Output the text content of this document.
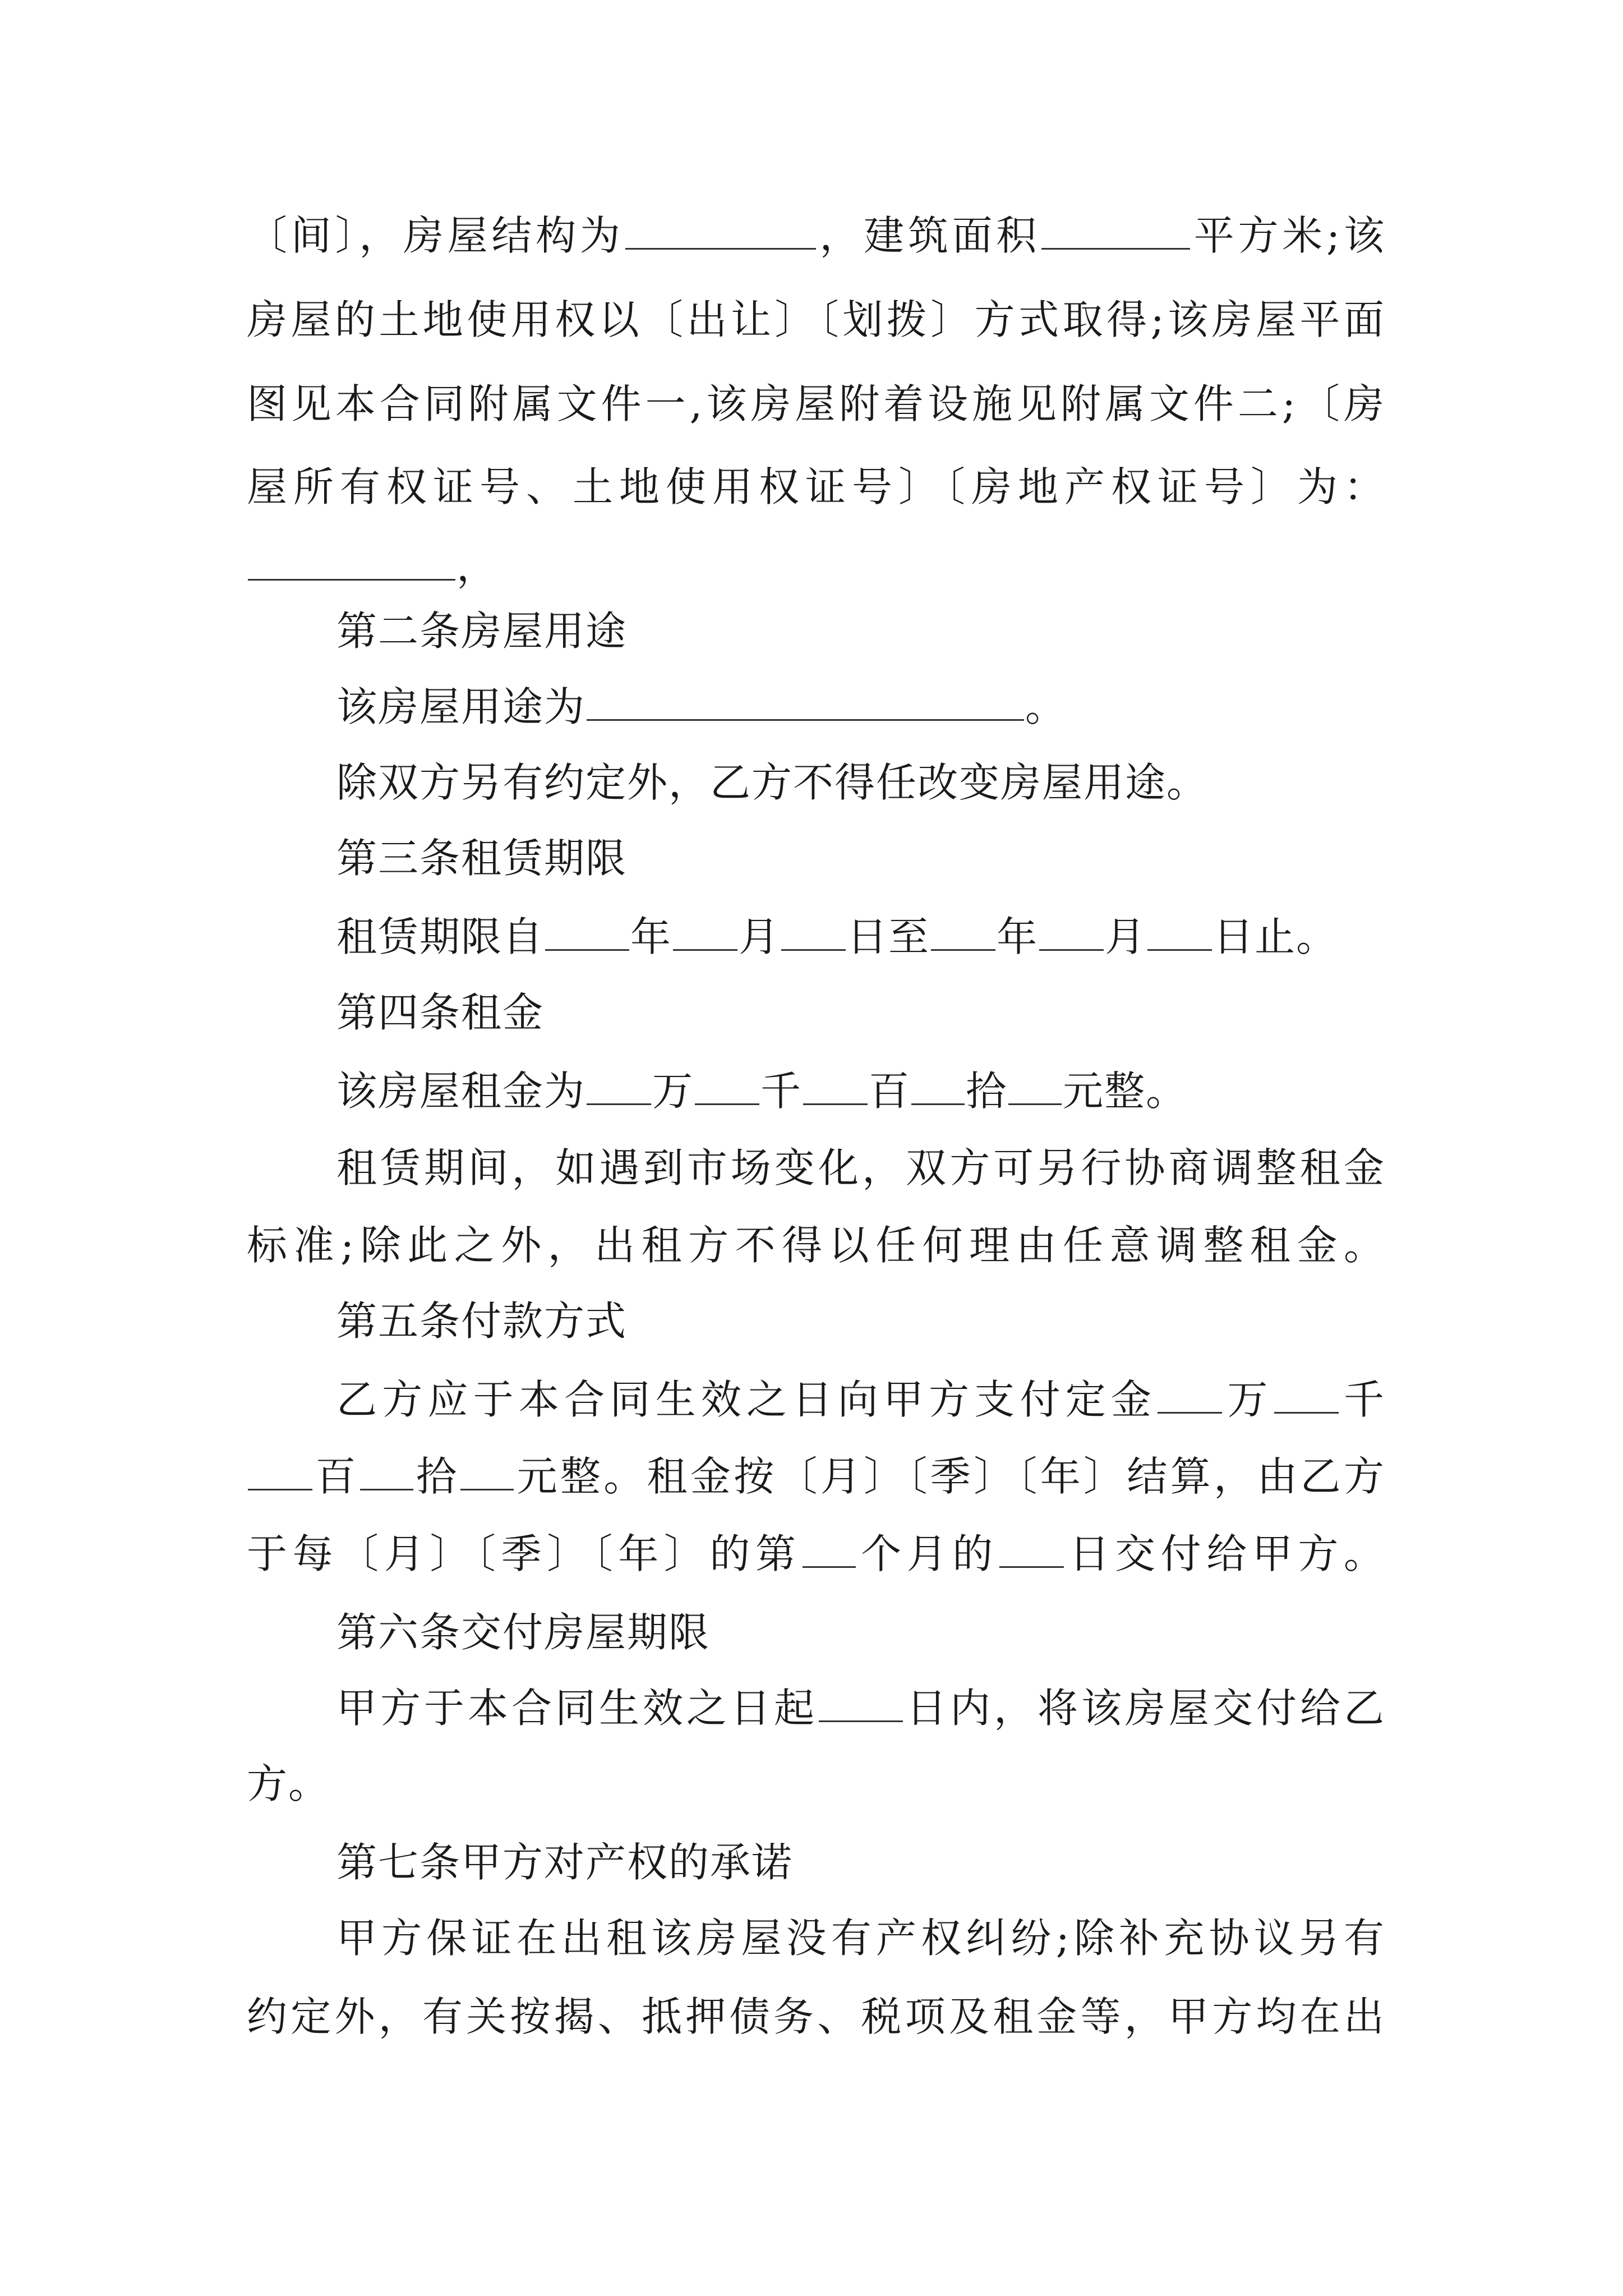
〔间〕，房屋结构为	，建筑面积	平方米;该
房屋的土地使用权以〔出让〕〔划拨〕方式取得;该房屋平面
图见本合同附属文件一,该房屋附着设施见附属文件二;〔房
屋所有权证号、土地使用权证号〕〔房地产权证号〕为：
，
第二条房屋用途
该房屋用途为	。
除双方另有约定外，乙方不得任改变房屋用途。
第三条租赁期限
租赁期限自 年 月 日至 年 月 日止。
第四条租金
该房屋租金为 万 千 百 拾 元整。
租赁期间，如遇到市场变化，双方可另行协商调整租金
标准;除此之外，出租方不得以任何理由任意调整租金。
第五条付款方式
乙方应于本合同生效之日向甲方支付定金 万 千
百 拾 元整。租金按〔月〕〔季〕〔年〕结算，由乙方
于每〔月〕〔季〕〔年〕的第 个月的 日交付给甲方。
第六条交付房屋期限
甲方于本合同生效之日起 日内，将该房屋交付给乙
方。
第七条甲方对产权的承诺
甲方保证在出租该房屋没有产权纠纷;除补充协议另有
约定外，有关按揭、抵押债务、税项及租金等，甲方均在出
